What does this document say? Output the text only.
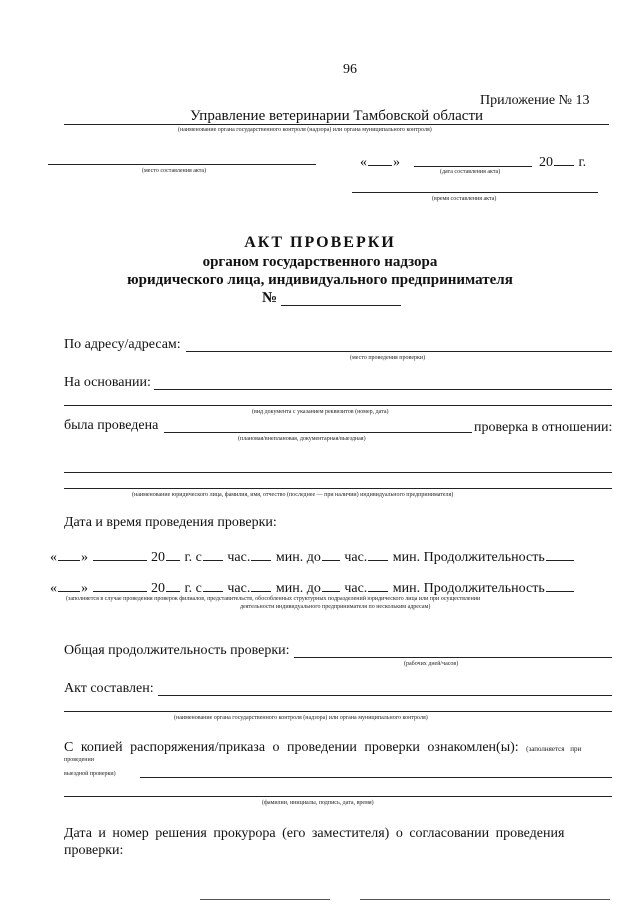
96
Приложение № 13
Управление ветеринарии Тамбовской области
(наименование органа государственного контроля (надзора) или органа муниципального контроля)
(место составления акта)
« »	20 г.
(дата составления акта)
(время составления акта)
АКТ ПРОВЕРКИ
органом государственного надзора
юридического лица, индивидуального предпринимателя
№
По адресу/адресам:
(место проведения проверки)
На основании:
(вид документа с указанием реквизитов (номер, дата)
была проведена	проверка в отношении:
(плановая/внеплановая, документарная/выездная)
(наименование юридического лица, фамилия, имя, отчество (последнее — при наличии) индивидуального предпринимателя)
Дата и время проведения проверки:
« »	20 г. с час. мин. до час. мин. Продолжительность
« »	20 г. с час. мин. до час. мин. Продолжительность
(заполняется в случае проведения проверок филиалов, представительств, обособленных структурных подразделений юридического лица или при осуществлении
деятельности индивидуального предпринимателя по нескольким адресам)
Общая продолжительность проверки:
(рабочих дней/часов)
Акт составлен:
(наименование органа государственного контроля (надзора) или органа муниципального контроля)
С копией распоряжения/приказа о проведении проверки ознакомлен(ы): (заполняется при
проведении
выездной проверки)
(фамилии, инициалы, подпись, дата, время)
Дата и номер решения прокурора (его заместителя) о согласовании проведения
проверки:
